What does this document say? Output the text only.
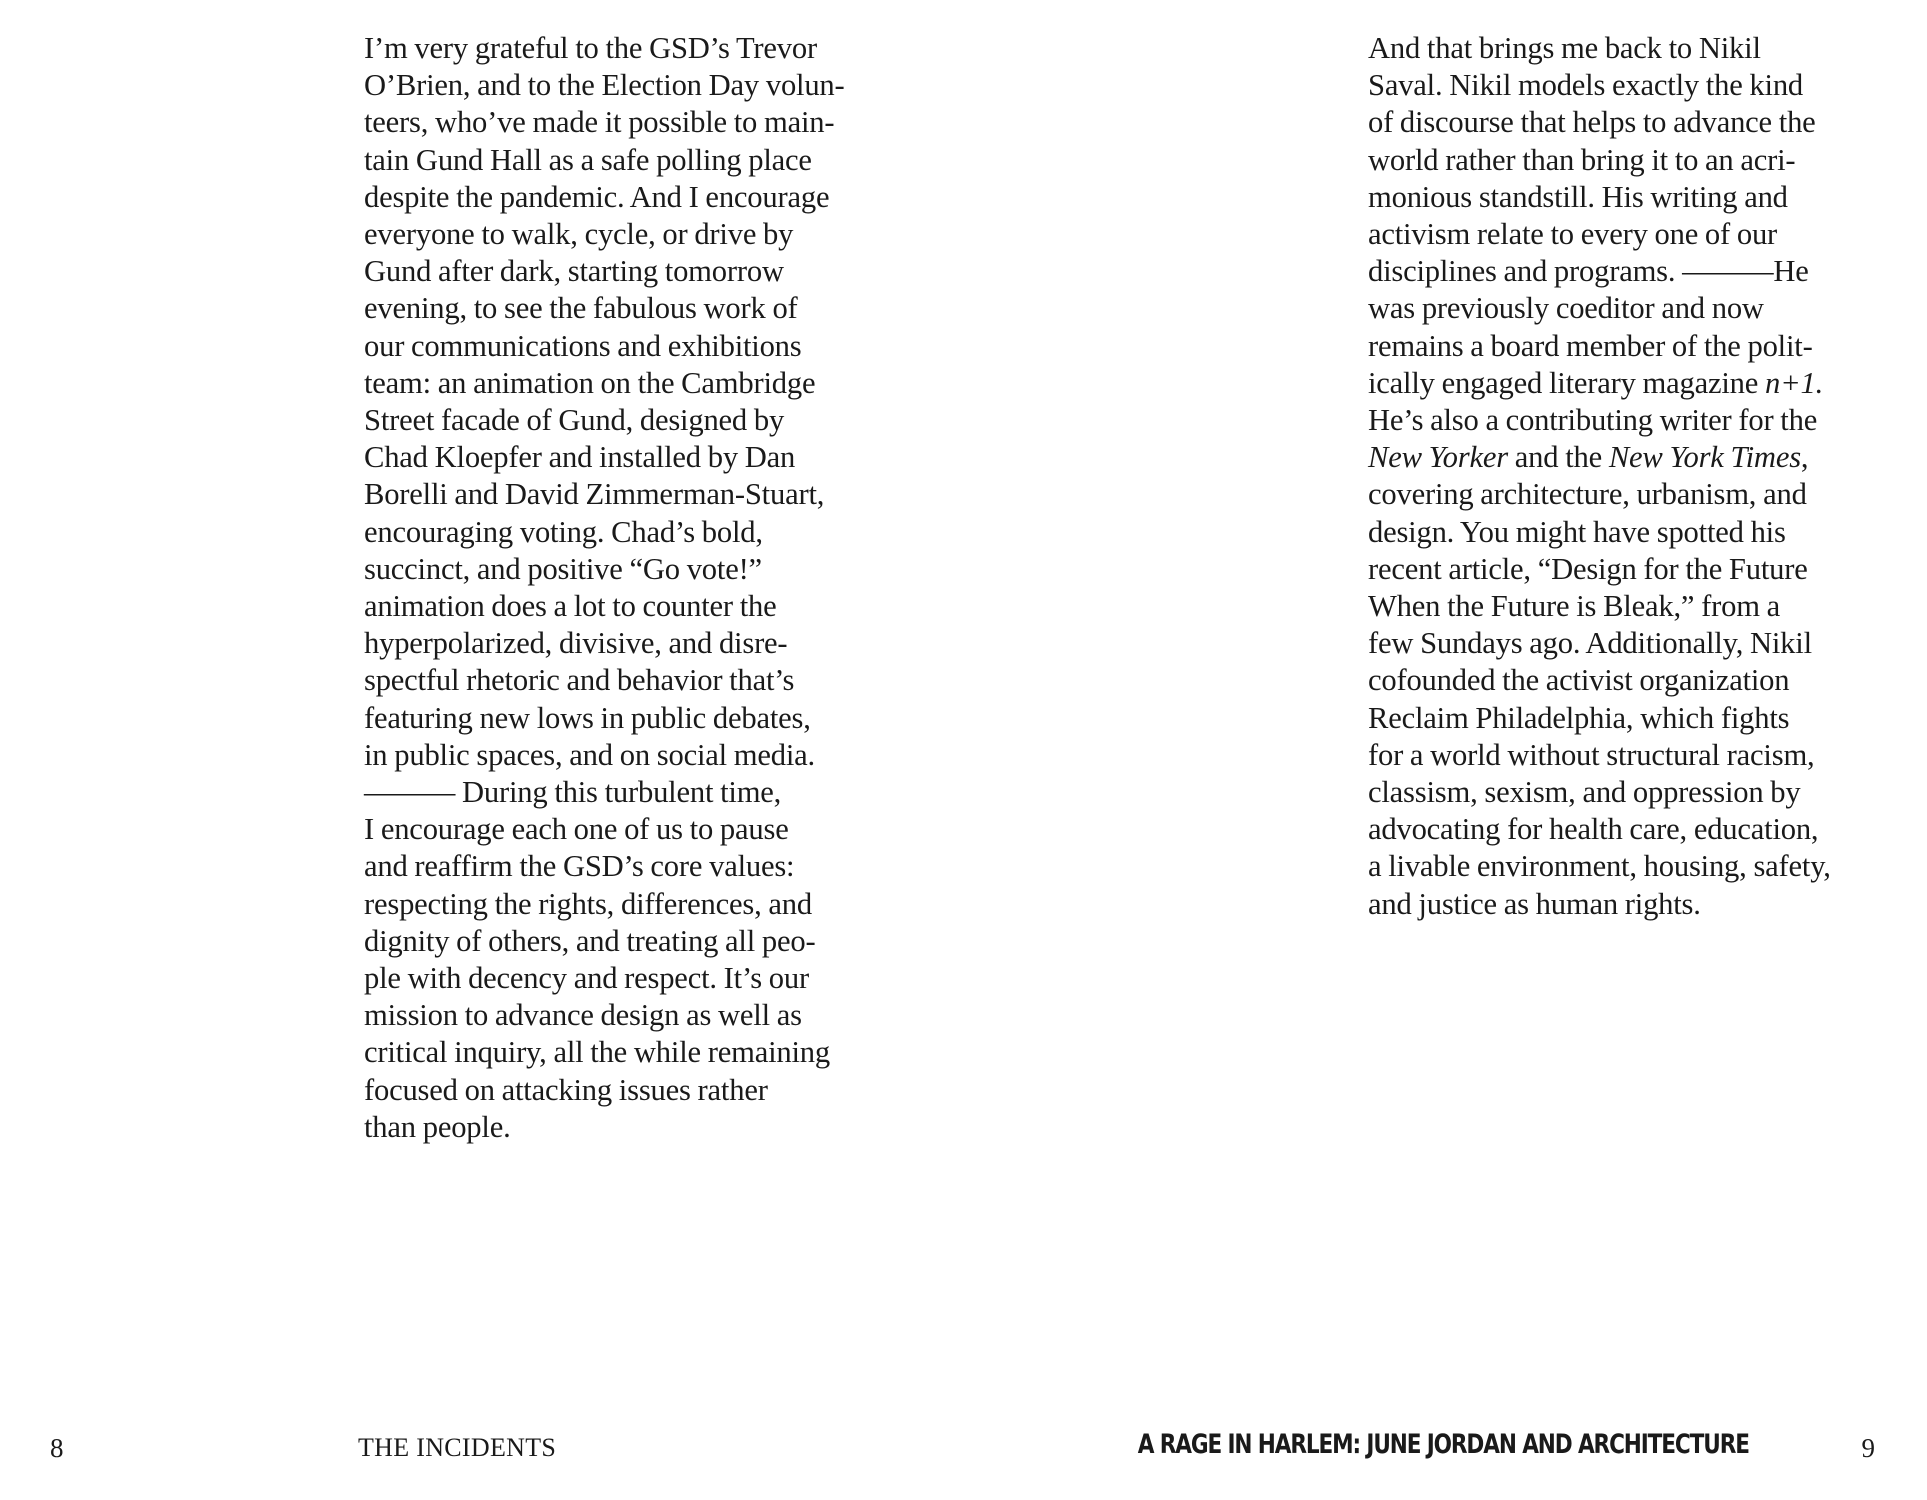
I’m very grateful to the GSD’s Trevor
O’Brien, and to the Election Day volun-
teers, who’ve made it possible to main-
tain Gund Hall as a safe polling place
despite the pandemic. And I encourage
everyone to walk, cycle, or drive by
Gund after dark, starting tomorrow
evening, to see the fabulous work of
our communications and exhibitions
team: an animation on the Cambridge
Street facade of Gund, designed by
Chad Kloepfer and installed by Dan
Borelli and David Zimmerman-Stuart,
encouraging voting. Chad’s bold,
succinct, and positive “Go vote!”
animation does a lot to counter the
hyperpolarized, divisive, and disre-
spectful rhetoric and behavior that’s
featuring new lows in public debates,
in public spaces, and on social media.
——— During this turbulent time,
I encourage each one of us to pause
and reaffirm the GSD’s core values:
respecting the rights, differences, and
dignity of others, and treating all peo-
ple with decency and respect. It’s our
mission to advance design as well as
critical inquiry, all the while remaining
focused on attacking issues rather
than people.
8	THE INCIDENTS
And that brings me back to Nikil
Saval. Nikil models exactly the kind
of discourse that helps to advance the
world rather than bring it to an acri-
monious standstill. His writing and
activism relate to every one of our
disciplines and programs. ———He
was previously coeditor and now
remains a board member of the polit-
ically engaged literary magazine n+1.
He’s also a contributing writer for the
New Yorker and the New York Times,
covering architecture, urbanism, and
design. You might have spotted his
recent article, “Design for the Future
When the Future is Bleak,” from a
few Sundays ago. Additionally, Nikil
cofounded the activist organization
Reclaim Philadelphia, which fights
for a world without structural racism,
classism, sexism, and oppression by
advocating for health care, education,
a livable environment, housing, safety,
and justice as human rights.
A RAGE IN HARLEM: JUNE JORDAN AND ARCHITECTURE	9
